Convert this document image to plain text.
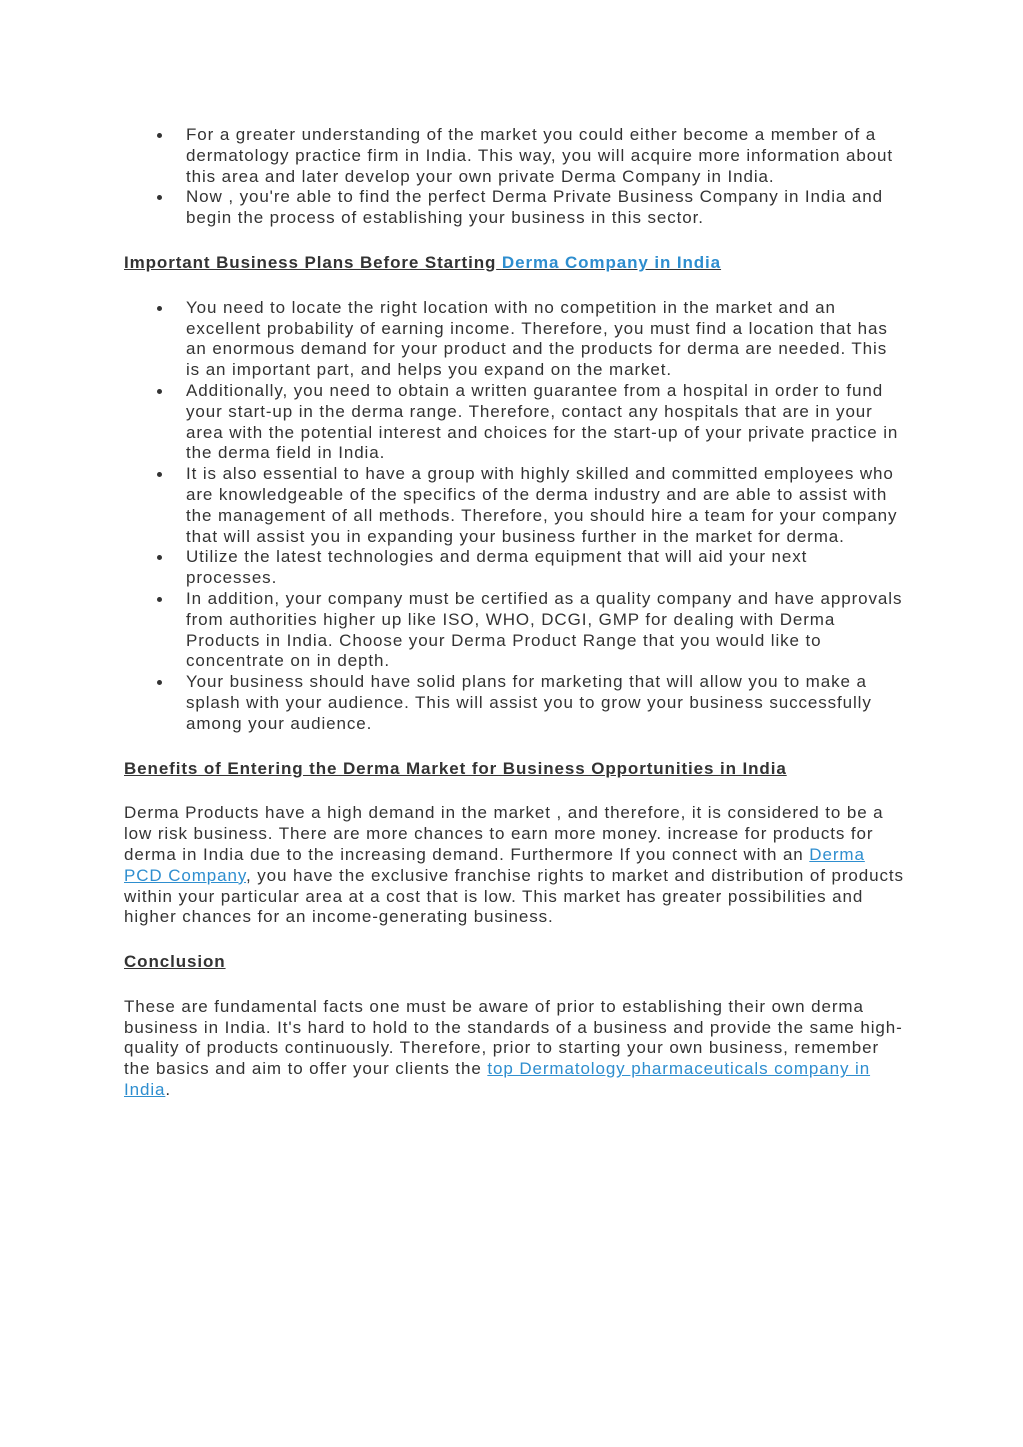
For a greater understanding of the market you could either become a member of a dermatology practice firm in India. This way, you will acquire more information about this area and later develop your own private Derma Company in India.
Now , you're able to find the perfect Derma Private Business Company in India and begin the process of establishing your business in this sector.
Important Business Plans Before Starting Derma Company in India
You need to locate the right location with no competition in the market and an excellent probability of earning income. Therefore, you must find a location that has an enormous demand for your product and the products for derma are needed. This is an important part, and helps you expand on the market.
Additionally, you need to obtain a written guarantee from a hospital in order to fund your start-up in the derma range. Therefore, contact any hospitals that are in your area with the potential interest and choices for the start-up of your private practice in the derma field in India.
It is also essential to have a group with highly skilled and committed employees who are knowledgeable of the specifics of the derma industry and are able to assist with the management of all methods. Therefore, you should hire a team for your company that will assist you in expanding your business further in the market for derma.
Utilize the latest technologies and derma equipment that will aid your next processes.
In addition, your company must be certified as a quality company and have approvals from authorities higher up like ISO, WHO, DCGI, GMP for dealing with Derma Products in India. Choose your Derma Product Range that you would like to concentrate on in depth.
Your business should have solid plans for marketing that will allow you to make a splash with your audience. This will assist you to grow your business successfully among your audience.
Benefits of Entering the Derma Market for Business Opportunities in India

Derma Products have a high demand in the market , and therefore, it is considered to be a low risk business. There are more chances to earn more money. increase for products for derma in India due to the increasing demand. Furthermore If you connect with an Derma PCD Company, you have the exclusive franchise rights to market and distribution of products within your particular area at a cost that is low. This market has greater possibilities and higher chances for an income-generating business.

Conclusion

These are fundamental facts one must be aware of prior to establishing their own derma business in India. It's hard to hold to the standards of a business and provide the same high-quality of products continuously. Therefore, prior to starting your own business, remember the basics and aim to offer your clients the top Dermatology pharmaceuticals company in India.
